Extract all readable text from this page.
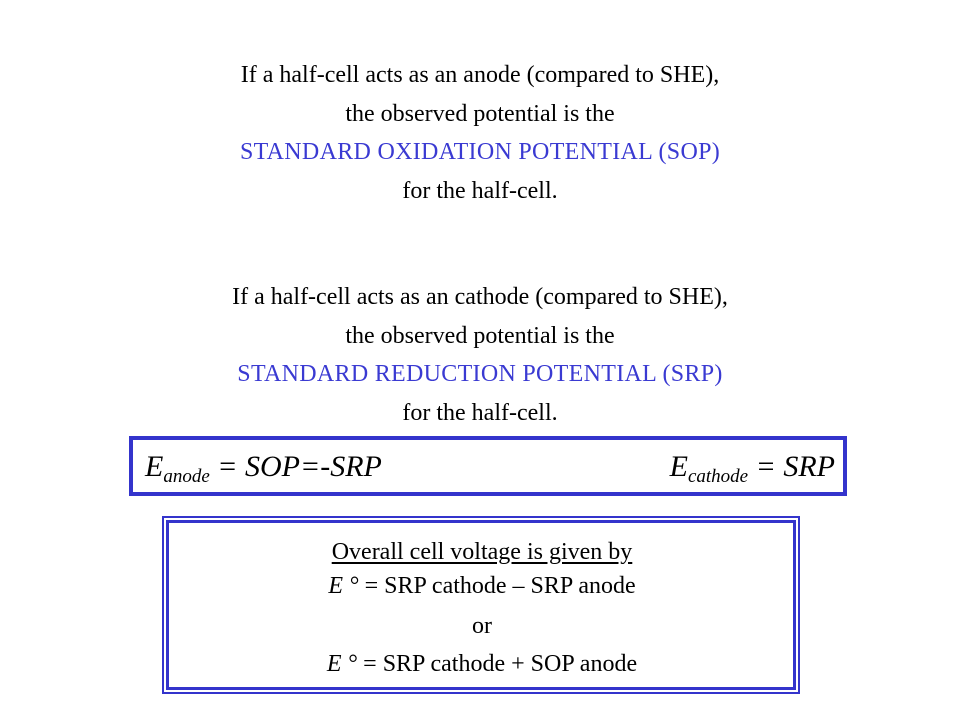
If a half-cell acts as an anode (compared to SHE),
the observed potential is the
STANDARD OXIDATION POTENTIAL (SOP)
for the half-cell.
If a half-cell acts as an cathode (compared to SHE),
the observed potential is the
STANDARD REDUCTION POTENTIAL (SRP)
for the half-cell.
$E_{anode} = SOP=-SRP$	$E_{cathode}$ = SRP
Overall cell voltage is given by
E ° = SRP cathode – SRP anode
or
E ° = SRP cathode + SOP anode
